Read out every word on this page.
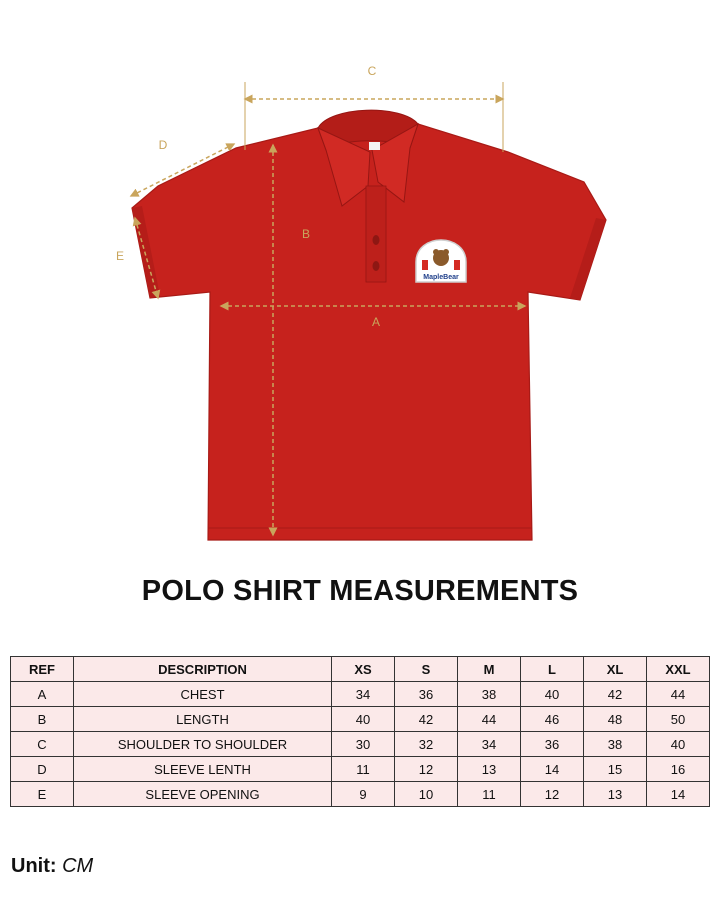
MapleBear
C
D
E
B
A
POLO SHIRT MEASUREMENTS
REF	DESCRIPTION	XS	S	M	L	XL	XXL
A	CHEST	34	36	38	40	42	44
B	LENGTH	40	42	44	46	48	50
C	SHOULDER TO SHOULDER	30	32	34	36	38	40
D	SLEEVE LENTH	11	12	13	14	15	16
E	SLEEVE OPENING	9	10	11	12	13	14

Unit: CM
